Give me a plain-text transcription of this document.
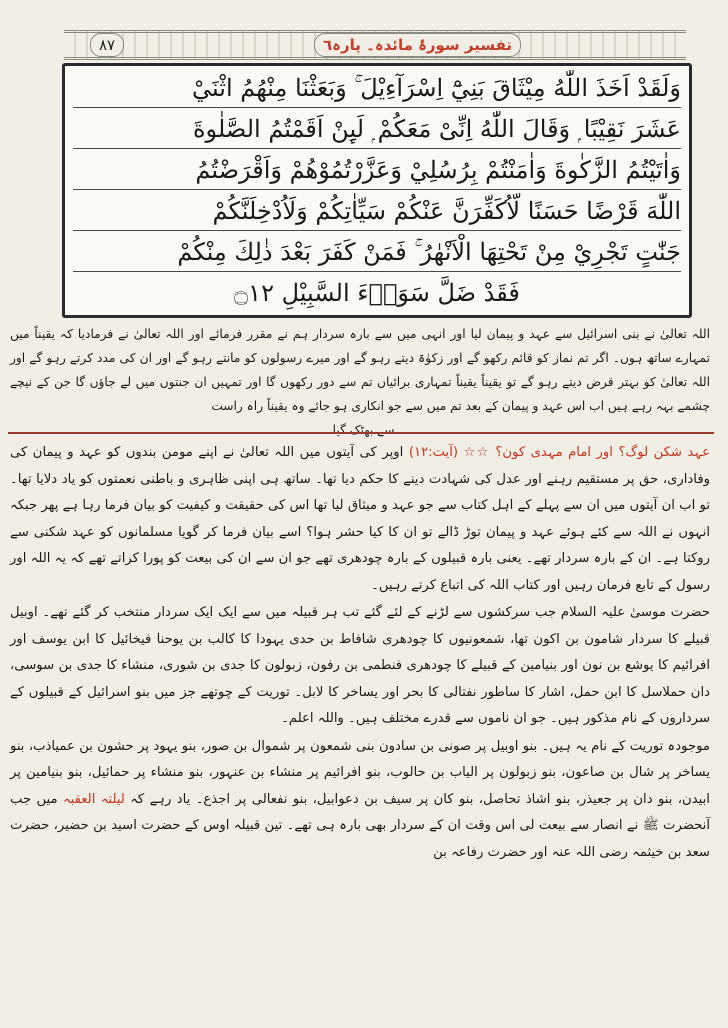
٨٧	تفسیر سورۂ مائدہ۔ پارہ٦
وَلَقَدْ اَخَذَ اللّٰهُ مِيْثَاقَ بَنِيْٓ اِسْرَآءِيْلَ ۚ وَبَعَثْنَا مِنْهُمُ اثْنَيْ
عَشَرَ نَقِيْبًا ۭ وَقَالَ اللّٰهُ اِنِّىْ مَعَكُمْ ۭ لَىِٕنْ اَقَمْتُمُ الصَّلٰوةَ
وَاٰتَيْتُمُ الزَّكٰوةَ وَاٰمَنْتُمْ بِرُسُلِيْ وَعَزَّرْتُمُوْهُمْ وَاَقْرَضْتُمُ
اللّٰهَ قَرْضًا حَسَنًا لَّاُكَفِّرَنَّ عَنْكُمْ سَيِّاٰتِكُمْ وَلَاُدْخِلَنَّكُمْ
جَنّٰتٍ تَجْرِيْ مِنْ تَحْتِهَا الْاَنْهٰرُ ۚ فَمَنْ كَفَرَ بَعْدَ ذٰلِكَ مِنْكُمْ
فَقَدْ ضَلَّ سَوَاۗءَ السَّبِيْلِ ۝١٢

اللہ تعالیٰ نے بنی اسرائیل سے عہد و پیمان لیا اور انہی میں سے بارہ سردار ہم نے مقرر فرمائے اور اللہ تعالیٰ نے فرمادیا کہ یقیناً میں تمہارے ساتھ ہوں۔ اگر تم نماز کو قائم رکھو گے اور زکوٰۃ دیتے رہو گے اور میرے رسولوں کو مانتے رہو گے اور ان کی مدد کرتے رہو گے اور اللہ تعالیٰ کو بہتر قرض دیتے رہو گے تو یقیناً یقیناً تمہاری برائیاں تم سے دور رکھوں گا اور تمہیں ان جنتوں میں لے جاؤں گا جن کے نیچے چشمے بہہ رہے ہیں اب اس عہد و پیمان کے بعد تم میں سے جو انکاری ہو جائے وہ یقیناً راہ راست

سے بھٹک گیا۔

عہد شکن لوگ؟ اور امام مہدی کون؟ ☆☆ (آیت:١٢) اوپر کی آیتوں میں اللہ تعالیٰ نے اپنے مومن بندوں کو عہد و پیمان کی وفاداری، حق پر مستقیم رہنے اور عدل کی شہادت دینے کا حکم دیا تھا۔ ساتھ ہی اپنی ظاہری و باطنی نعمتوں کو یاد دلایا تھا۔ تو اب ان آیتوں میں ان سے پہلے کے اہل کتاب سے جو عہد و میثاق لیا تھا اس کی حقیقت و کیفیت کو بیان فرما رہا ہے پھر جبکہ انہوں نے اللہ سے کئے ہوئے عہد و پیمان توڑ ڈالے تو ان کا کیا حشر ہوا؟ اسے بیان فرما کر گویا مسلمانوں کو عہد شکنی سے روکتا ہے۔ ان کے بارہ سردار تھے۔ یعنی بارہ قبیلوں کے بارہ چودھری تھے جو ان سے ان کی بیعت کو پورا کراتے تھے کہ یہ اللہ اور رسول کے تابع فرمان رہیں اور کتاب اللہ کی اتباع کرتے رہیں۔

حضرت موسیٰ علیہ السلام جب سرکشوں سے لڑنے کے لئے گئے تب ہر قبیلہ میں سے ایک ایک سردار منتخب کر گئے تھے۔ اوبیل قبیلے کا سردار شامون بن اکون تھا، شمعونیوں کا چودھری شافاط بن حدی یہودا کا کالب بن یوحنا فیخائیل کا ابن یوسف اور افرائیم کا یوشع بن نون اور بنیامین کے قبیلے کا چودھری فنطمی بن رفون، زبولون کا جدی بن شوری، منشاء کا جدی بن سوسی، دان حملاسل کا ابن حمل، اشار کا ساطور نفتالی کا بحر اور یساخر کا لابل۔ توریت کے چوتھے جز میں بنو اسرائیل کے قبیلوں کے سرداروں کے نام مذکور ہیں۔ جو ان ناموں سے قدرے مختلف ہیں۔ واللہ اعلم۔

موجودہ توریت کے نام یہ ہیں۔ بنو اوبیل پر صونی بن سادون بنی شمعون پر شموال بن صور، بنو یہود پر حشون بن عمیاذب، بنو یساخر پر شال بن صاعون، بنو زبولون پر الیاب بن حالوب، بنو افرائیم پر منشاء بن عنہور، بنو منشاء پر حمائیل، بنو بنیامین پر ابیدن، بنو دان پر جعیذر، بنو اشاذ تحاصل، بنو کان پر سیف بن دعوابیل، بنو نفعالی پر اجذع۔ یاد رہے کہ لیلتہ العقبہ میں جب آنحضرت ﷺ نے انصار سے بیعت لی اس وقت ان کے سردار بھی بارہ ہی تھے۔ تین قبیلہ اوس کے حضرت اسید بن حضیر، حضرت سعد بن خیثمہ رضی اللہ عنہ اور حضرت رفاعہ بن
